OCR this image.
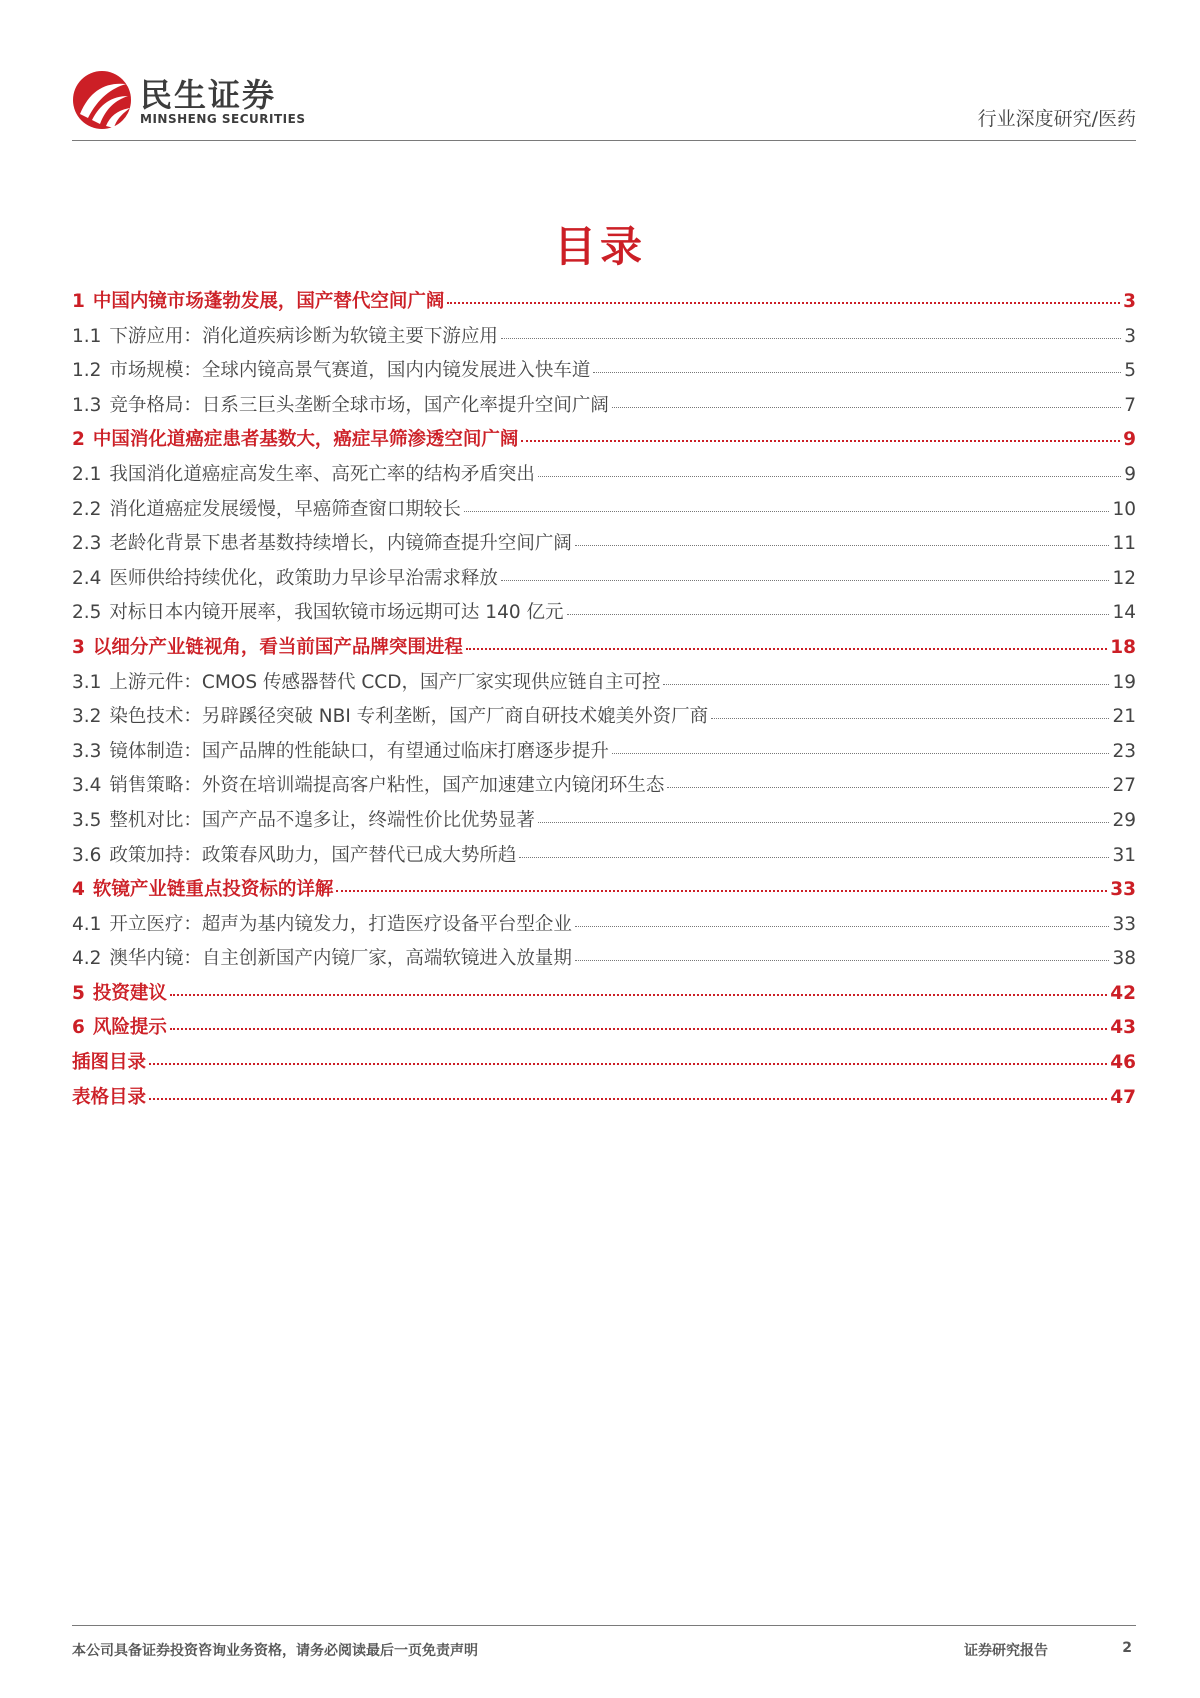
民生证券
MINSHENG SECURITIES	行业深度研究/医药
目录
1 中国内镜市场蓬勃发展，国产替代空间广阔	3
1.1 下游应用：消化道疾病诊断为软镜主要下游应用	3
1.2 市场规模：全球内镜高景气赛道，国内内镜发展进入快车道	5
1.3 竞争格局：日系三巨头垄断全球市场，国产化率提升空间广阔	7
2 中国消化道癌症患者基数大，癌症早筛渗透空间广阔	9
2.1 我国消化道癌症高发生率、高死亡率的结构矛盾突出	9
2.2 消化道癌症发展缓慢，早癌筛查窗口期较长	10
2.3 老龄化背景下患者基数持续增长，内镜筛查提升空间广阔	11
2.4 医师供给持续优化，政策助力早诊早治需求释放	12
2.5 对标日本内镜开展率，我国软镜市场远期可达 140 亿元	14
3 以细分产业链视角，看当前国产品牌突围进程	18
3.1 上游元件：CMOS 传感器替代 CCD，国产厂家实现供应链自主可控	19
3.2 染色技术：另辟蹊径突破 NBI 专利垄断，国产厂商自研技术媲美外资厂商	21
3.3 镜体制造：国产品牌的性能缺口，有望通过临床打磨逐步提升	23
3.4 销售策略：外资在培训端提高客户粘性，国产加速建立内镜闭环生态	27
3.5 整机对比：国产产品不遑多让，终端性价比优势显著	29
3.6 政策加持：政策春风助力，国产替代已成大势所趋	31
4 软镜产业链重点投资标的详解	33
4.1 开立医疗：超声为基内镜发力，打造医疗设备平台型企业	33
4.2 澳华内镜：自主创新国产内镜厂家，高端软镜进入放量期	38
5 投资建议	42
6 风险提示	43
插图目录	46
表格目录	47
本公司具备证券投资咨询业务资格，请务必阅读最后一页免责声明	证券研究报告	2
